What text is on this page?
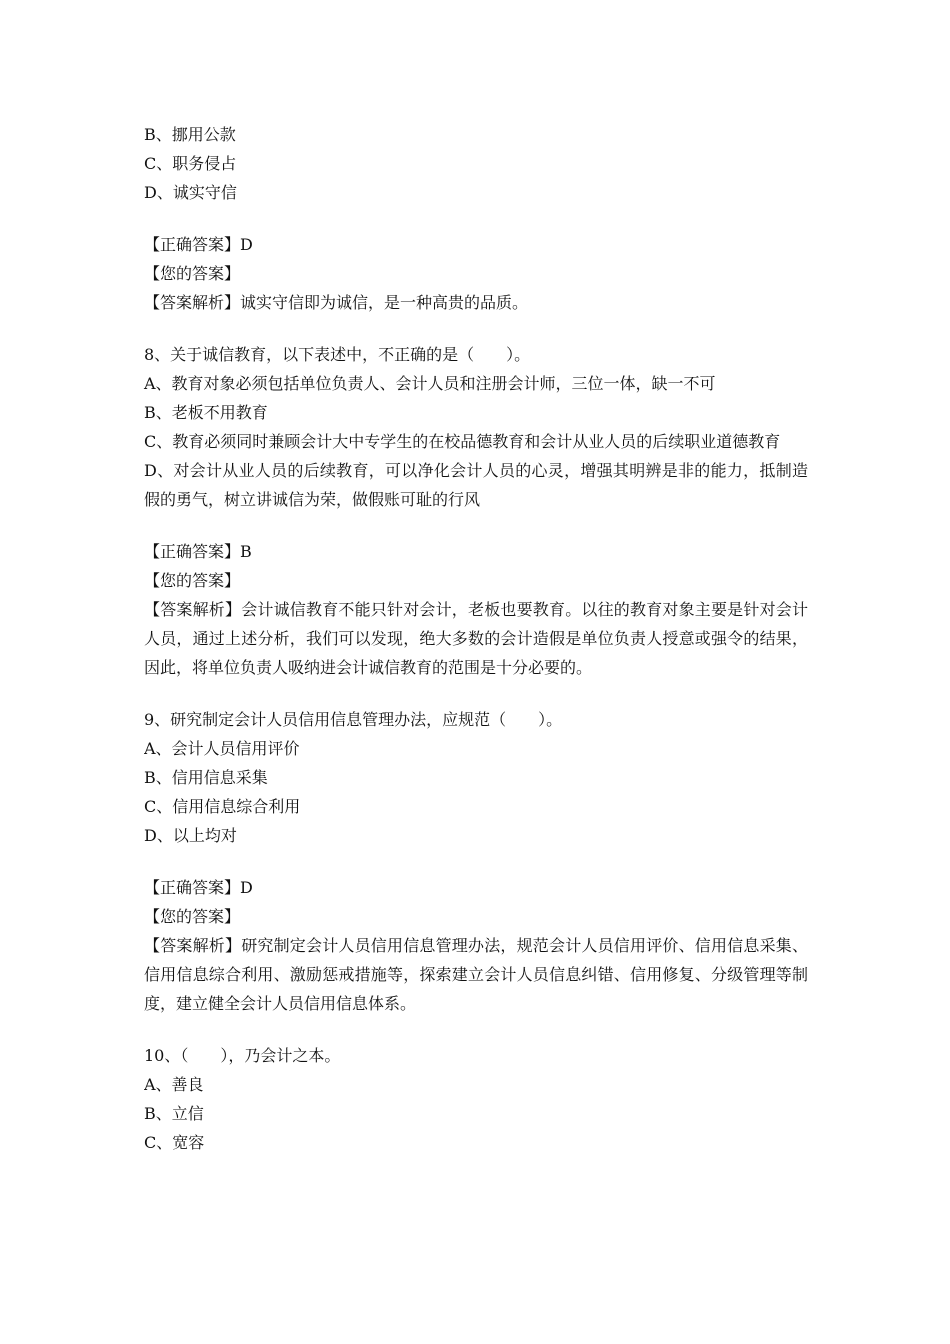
B、挪用公款
C、职务侵占
D、诚实守信
【正确答案】D
【您的答案】
【答案解析】诚实守信即为诚信，是一种高贵的品质。
8、关于诚信教育，以下表述中，不正确的是（　　）。
A、教育对象必须包括单位负责人、会计人员和注册会计师，三位一体，缺一不可
B、老板不用教育
C、教育必须同时兼顾会计大中专学生的在校品德教育和会计从业人员的后续职业道德教育
D、对会计从业人员的后续教育，可以净化会计人员的心灵，增强其明辨是非的能力，抵制造假的勇气，树立讲诚信为荣，做假账可耻的行风
【正确答案】B
【您的答案】
【答案解析】会计诚信教育不能只针对会计，老板也要教育。以往的教育对象主要是针对会计人员，通过上述分析，我们可以发现，绝大多数的会计造假是单位负责人授意或强令的结果，因此，将单位负责人吸纳进会计诚信教育的范围是十分必要的。
9、研究制定会计人员信用信息管理办法，应规范（　　）。
A、会计人员信用评价
B、信用信息采集
C、信用信息综合利用
D、以上均对
【正确答案】D
【您的答案】
【答案解析】研究制定会计人员信用信息管理办法，规范会计人员信用评价、信用信息采集、信用信息综合利用、激励惩戒措施等，探索建立会计人员信息纠错、信用修复、分级管理等制度，建立健全会计人员信用信息体系。
10、（　　），乃会计之本。
A、善良
B、立信
C、宽容
